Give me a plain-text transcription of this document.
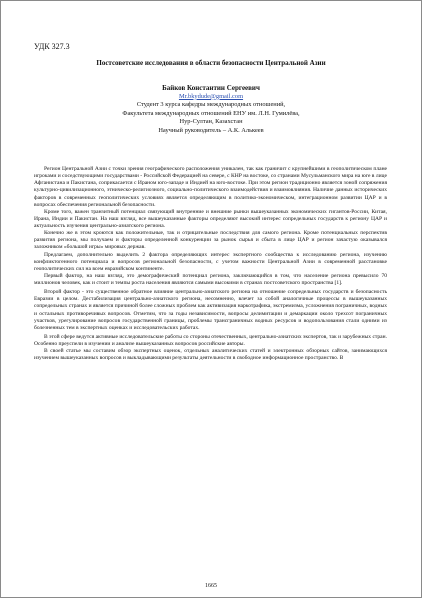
УДК 327.3
Постсоветские исследования в области безопасности Центральной Азии
Байков Константин Сергеевич
Mr.bkydude@gmail.com
Студент 3 курса кафедры международных отношений,
Факультета международных отношений ЕНУ им. Л.Н. Гумилёва,
Нур-Султан, Казахстан
Научный руководитель – А.К. Алькеев

Регион Центральной Азии с точки зрения географического расположения уникален, так как граничит с крупнейшими в геополитическом плане игроками и соседствующими государствами - Российской Федерацией на севере, с КНР на востоке, со странами Мусульманского мира на юге в лице Афганистана и Пакистана, соприкасается с Ираном юго-западе и Индией на юго-востоке. При этом регион традиционно является зоной сопряжения культурно-цивилизационного, этническо-религиозного, социально-политического взаимодействия и взаимовлияния. Наличие данных исторических факторов в современных геополитических условиях является определяющим в политико-экономическом, интеграционном развитии ЦАР и в вопросах обеспечения региональной безопасности.

Кроме того, важен транзитный потенциал связующий внутренние и внешние рынки вышеуказанных экономических гигантов-России, Китая, Ирана, Индии и Пакистан. На наш взгляд, все вышеуказанные факторы определяют высокий интерес сопредельных государств к региону ЦАР и актуальность изучения центрально-азиатского региона.

Конечно же в этом кроются как положительные, так и отрицательные последствия для самого региона. Кроме потенциальных перспектив развития региона, мы получаем и факторы определенной конкуренции за рынок сырья и сбыта в лице ЦАР и регион зачастую оказывался заложником «большой игры» мировых держав.

Предлагаем, дополнительно выделить 2 фактора определяющих интерес экспертного сообщества к исследованию региона, изучению конфликтогенного потенциала и вопросов региональной безопасности, с учетом важности Центральной Азии в современной расстановке геополитических сил на всем евразийском континенте.

Первый фактор, на наш взгляд, это демографический потенциал региона, заключающийся в том, что население региона превысило 70 миллионов человек, как и стоит и темпы роста населения являются самыми высокими в странах постсоветского пространства [1].

Второй фактор - это существенное обратное влияние центрально-азиатского региона на отношение сопредельных государств и безопасность Евразии в целом. Дестабилизация центрально-азиатского региона, несомненно, влечет за собой аналогичные процессы в вышеуказанных сопредельных странах и является причиной более сложных проблем как активизация наркотрафика, экстремизма, усложнения пограничных, водных и остальных противоречивых вопросов. Отметим, что за годы независимости, вопросы делимитации и демаркации около трехсот пограничных участков, урегулирование вопросов государственной границы, проблемы трансграничных водных ресурсов и водопользования стали одними из болезненных тем в экспертных оценках и исследовательских работах.

В этой сфере ведутся активные исследовательские работы со стороны отечественных, центрально-азиатских экспертов, так и зарубежных стран. Особенно преуспели в изучении и анализе вышеуказанных вопросов российские авторы.

В своей статье мы составим обзор экспертных оценок, отдельных аналитических статей и электронных обзорных сайтов, занимающихся изучением вышеуказанных вопросов и выкладывающими результаты деятельности в свободное информационное пространство. В

1665
